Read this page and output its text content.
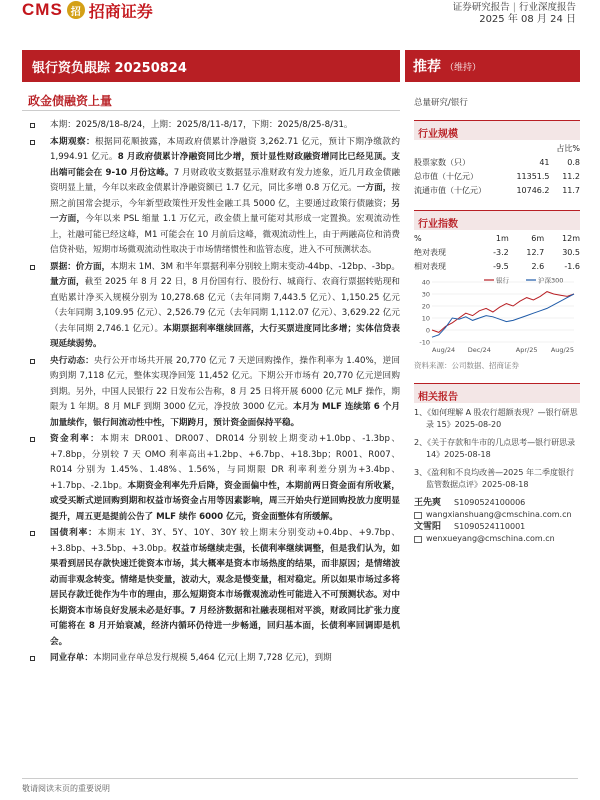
CMS 招 招商证券	证券研究报告 | 行业深度报告
2025 年 08 月 24 日
银行资负跟踪 20250824	推荐 （维持）
政金债融资上量
本期：2025/8/18-8/24，上期：2025/8/11-8/17，下期：2025/8/25-8/31。
本期观察：根据同花顺披露，本周政府债累计净融资 3,262.71 亿元，预计下期净缴款约 1,994.91 亿元。8 月政府债累计净融资同比少增，预计显性财政融资增同比已经见顶。支出端可能会在 9-10 月份这峰。7 月财政收支数据显示准财政有发力迹象，近几月政金债融资明显上量，今年以来政金债累计净融资额已 1.7 亿元，同比多增 0.8 万亿元。一方面，按照之前国常会提示，今年新型政策性开发性金融工具 5000 亿，主要通过政策行债融资；另一方面，今年以来 PSL 缩量 1.1 万亿元，政金债上量可能对其形成一定置换。宏观流动性上，社融可能已经这峰，M1 可能会在 10 月前后这峰，微观流动性上，由于两融高位和消费信贷补贴，短期市场微观流动性取决于市场情绪惯性和监管态度，进入不可预测状态。
票据：价方面，本期末 1M、3M 和半年票据利率分别较上期末变动-44bp、-12bp、-3bp。量方面，截至 2025 年 8 月 22 日，8 月份国有行、股份行、城商行、农商行票据转贴现和直贴累计净买入规模分别为 10,278.68 亿元（去年同期 7,443.5 亿元）、1,150.25 亿元（去年同期 3,109.95 亿元）、2,526.79 亿元（去年同期 1,112.07 亿元）、3,629.22 亿元（去年同期 2,746.1 亿元）。本期票据利率继续回落，大行买票进度同比多增；实体信贷表现延续弱势。
央行动态：央行公开市场共开展 20,770 亿元 7 天逆回购操作，操作利率为 1.40%，逆回购到期 7,118 亿元，整体实现净回笼 11,452 亿元。下期公开市场有 20,770 亿元逆回购到期。另外，中国人民银行 22 日发布公告称，8 月 25 日将开展 6000 亿元 MLF 操作，期限为 1 年期。8 月 MLF 到期 3000 亿元，净投放 3000 亿元。本月为 MLF 连续第 6 个月加量续作，银行间流动性中性，下期跨月，预计资金面保持平稳。
资金利率：本期末 DR001、DR007、DR014 分别较上期变动+1.0bp、-1.3bp、+7.8bp，分别较 7 天 OMO 利率高出+1.2bp、+6.7bp、+18.3bp；R001、R007、R014 分别为 1.45%、1.48%、1.56%，与同期限 DR 利率利差分别为+3.4bp、+1.7bp、-2.1bp。本期资金利率先升后降，资金面偏中性，本期前两日资金面有所收紧，或受买断式逆回购到期和权益市场资金占用等因素影响，周三开始央行逆回购投放力度明显提升，周五更是提前公告了 MLF 续作 6000 亿元，资金面整体有所缓解。
国债利率：本期末 1Y、3Y、5Y、10Y、30Y 较上期末分别变动+0.4bp、+9.7bp、+3.8bp、+3.5bp、+3.0bp。权益市场继续走强，长债利率继续调整，但是我们认为，如果看到居民存款快速迁徙资本市场，其大概率是资本市场热度的结果，而非原因；是情绪波动而非观念转变。情绪是快变量，波动大，观念是慢变量，相对稳定。所以如果市场过多将居民存款迁徙作为牛市的理由，那么短期资本市场微观流动性可能进入不可预测状态。对中长期资本市场良好发展未必是好事。7 月经济数据和社融表现相对平淡，财政同比扩张力度可能将在 8 月开始衰减，经济内循环仍待进一步畅通，回归基本面，长债利率回调即是机会。
同业存单：本期同业存单总发行规模 5,464 亿元(上期 7,728 亿元)，到期
总量研究/银行
行业规模
		占比%
股票家数（只）	41	0.8
总市值（十亿元）	11351.5	11.2
流通市值（十亿元）	10746.2	11.7
行业指数
%	1m	6m	12m
绝对表现	-3.2	12.7	30.5
相对表现	-9.5	2.6	-1.6
40
30
20
10
0
-10
Aug/24 Dec/24	Apr/25 Aug/25
银行	沪深300
资料来源：公司数据、招商证券
相关报告
1、《如何理解 A 股农行超额表现？—银行研思录 15》2025-08-20
2、《关于存款和牛市的几点思考—银行研思录 14》2025-08-18
3、《盈利和不良均改善—2025 年二季度银行监管数据点评》2025-08-18
王先爽	S1090524100006
wangxianshuang@cmschina.com.cn
文雪阳	S1090524110001
wenxueyang@cmschina.com.cn
敬请阅读末页的重要说明
